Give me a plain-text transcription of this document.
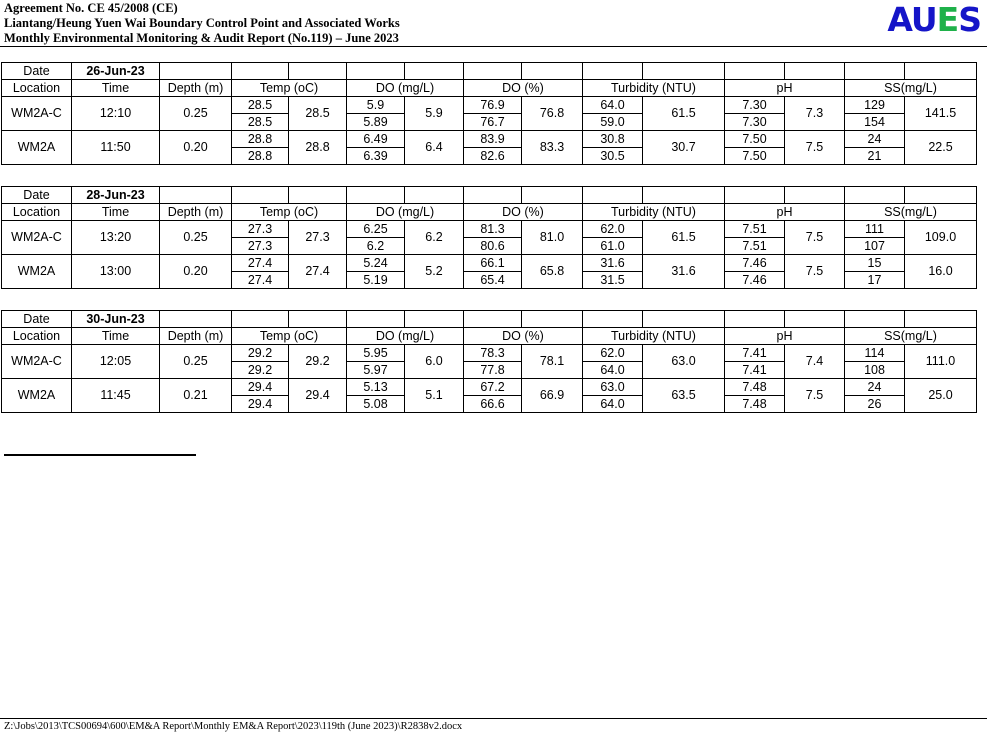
Agreement No. CE 45/2008 (CE)
Liantang/Heung Yuen Wai Boundary Control Point and Associated Works
Monthly Environmental Monitoring & Audit Report (No.119) – June 2023	AUES
Date	26-Jun-23													
Location	Time	Depth (m)	Temp (oC)		DO (mg/L)		DO (%)		Turbidity (NTU)		pH		SS(mg/L)	
WM2A-C	12:10	0.25	28.5	28.5	5.9	5.9	76.9	76.8	64.0	61.5	7.30	7.3	129	141.5
			28.5		5.89		76.7		59.0		7.30		154	
WM2A	11:50	0.20	28.8	28.8	6.49	6.4	83.9	83.3	30.8	30.7	7.50	7.5	24	22.5
			28.8		6.39		82.6		30.5		7.50		21	
Date	28-Jun-23													
Location	Time	Depth (m)	Temp (oC)		DO (mg/L)		DO (%)		Turbidity (NTU)		pH		SS(mg/L)	
WM2A-C	13:20	0.25	27.3	27.3	6.25	6.2	81.3	81.0	62.0	61.5	7.51	7.5	111	109.0
			27.3		6.2		80.6		61.0		7.51		107	
WM2A	13:00	0.20	27.4	27.4	5.24	5.2	66.1	65.8	31.6	31.6	7.46	7.5	15	16.0
			27.4		5.19		65.4		31.5		7.46		17	
Date	30-Jun-23													
Location	Time	Depth (m)	Temp (oC)		DO (mg/L)		DO (%)		Turbidity (NTU)		pH		SS(mg/L)	
WM2A-C	12:05	0.25	29.2	29.2	5.95	6.0	78.3	78.1	62.0	63.0	7.41	7.4	114	111.0
			29.2		5.97		77.8		64.0		7.41		108	
WM2A	11:45	0.21	29.4	29.4	5.13	5.1	67.2	66.9	63.0	63.5	7.48	7.5	24	25.0
			29.4		5.08		66.6		64.0		7.48		26	
Z:\Jobs\2013\TCS00694\600\EM&A Report\Monthly EM&A Report\2023\119th (June 2023)\R2838v2.docx
